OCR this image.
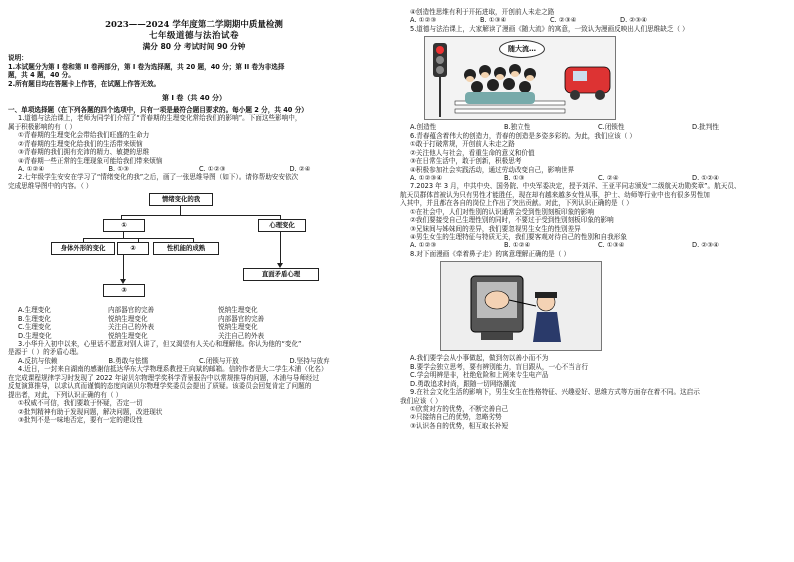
2023——2024 学年度第二学期期中质量检测
七年级道德与法治试卷
满分 80 分 考试时间 90 分钟

说明：

1.本试题分为第 I 卷和第 II 卷两部分，第 I 卷为选择题，共 20 题，40 分；第 II 卷为非选择

题，共 4 题，40 分。

2.所有题目均在答题卡上作答，在试题上作答无效。

第 I 卷（共 40 分）

一、单项选择题（在下列各题的四个选项中，只有一项是最符合题目要求的。每小题 2 分，共 40 分）

1.道德与法治课上，老师为同学们介绍了“青春期的生理变化常给我们的影响”。下面这些影响中，

属于积极影响的有（ ）

①青春期的生理变化会带给我们旺盛的生命力

②青春期的生理变化给我们的生活带来烦恼

③青春期的我们拥有充沛的精力、敏捷的思维

④青春期一些正常的生理现象可能给我们带来烦恼

A. ①②④	B. ①③	C. ①②③	D. ②④

2.七年级学生安安在学习了“情绪变化的我”之后，画了一张思维导图（如下）。请你帮助安安依次

完成思维导图中的内容。（ ）

情绪变化的我
①	心理变化
身体外形的变化	②	性机能的成熟
③
直面矛盾心理
A.生理变化	内部器官的完善	悦纳生理变化
B.生理变化	悦纳生理变化	内部器官的完善
C.生理变化	关注自己的外表	悦纳生理变化
D.生理变化	悦纳生理变化	关注自己的外表

3.小华升入初中以来，心里话不愿意对别人讲了，但又渴望有人关心和理解他。你认为他的“变化”

是源于（ ）的矛盾心理。

A.反抗与依赖	B.勇敢与怯懦	C.闭锁与开放	D.坚持与放弃

4.近日，一封来自湖南的感谢信抵达华东大学物理系教授王向斌的邮箱。信的作者是大二学生木浦（化名）

在完成课程规律学习时发现了 2022 年诺贝尔物理学奖科学背景报告中以常规推导的问题，木浦与导师经过

反复演算推导，以求认真而谨慎的态度向诺贝尔物理学奖委员会提出了质疑。该委员会回复肯定了问题的

提出者，对此，下列认识正确的有（ ）

①权威不可信，我们要敢于怀疑，否定一切

②批判精神有助于发现问题，解决问题，改进现状

③批判不是一味地否定，要有一定的建设性

④创造性思维有利于开拓进取，开创前人未走之路

A. ①②③	B. ①③④	C. ②③④	D. ②③④

5.道德与法治课上，大家解读了漫画《随大流》的寓意，一致认为漫画反映出人们思维缺乏（ ）

随大流…
A.创造性	B.独立性	C.闭锁性	D.批判性

6.青春蕴含着伟大的创造力，青春的创造是多姿多彩的。为此，我们应该（ ）

①敢于打破常规，开创前人未走之路

②关注他人与社会，看重生命的意义和价值

③在日常生活中，敢于创新，积极思考

④积极参加社会实践活动，通过劳动改变自己，影响世界

A. ①②③④	B. ①③	C. ②④	D. ①②④

7.2023 年 3 月，中共中央、国务院、中央军委决定，授予刘洋、王亚平同志颁发“二级航天功勋奖章”。航天员、

航天员群体首被认为只有男性才能胜任，现在却有越来越多女性从事，护士、幼师等行业中也有很多男性加

入其中，并且都在各自的岗位上作出了突出贡献。对此，下列认识正确的是（ ）

①在社会中，人们对性别的认识通常会受到性别刻板印象的影响

②我们要接受自己生理性别的同时，不要过于受到性别刻板印象的影响

③兄妹间与姊妹间的差异，我们要忽视男生女生的性别差异

④男生女生的生理特征与特质无关，我们要客观对待自己的性别和自我形象

A. ①②③	B. ①②④	C. ①③④	D. ②③④

8.对下面漫画《牵着鼻子走》的寓意理解正确的是（ ）

A.我们要学会从小事做起，做到勿以善小而不为

B.要学会独立思考，要有辨别能力，盲目跟从，一心不当言行

C.学会明辨是非，杜绝危险和上网来专生电产品

D.勇敢追求时尚，跟随一切网络潮流

9.在社会文化生活的影响下，男生女生在性格特征、兴趣爱好、思维方式等方面存在着不同。这启示

我们应该（ ）

①欣赏对方的优势，不断完善自己

②只接纳自己的优势，忽略劣势

③认识各自的优势，相互取长补短
